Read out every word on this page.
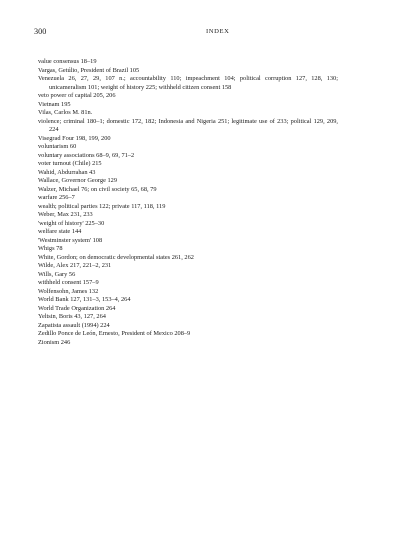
300	INDEX
value consensus 18–19
Vargas, Getúlio, President of Brazil 105
Venezuela 26, 27, 29, 107 n.; accountability 110; impeachment 104; political corruption 127, 128, 130; unicameralism 101; weight of history 225; withheld citizen consent 158
veto power of capital 205, 206
Vietnam 195
Vilas, Carlos M. 81n.
violence; criminal 180–1; domestic 172, 182; Indonesia and Nigeria 251; legitimate use of 233; political 129, 209, 224
Visegrad Four 198, 199, 200
voluntarism 60
voluntary associations 68–9, 69, 71–2
voter turnout (Chile) 215
Wahid, Abdurrahan 43
Wallace, Governor George 129
Walzer, Michael 76; on civil society 65, 68, 79
warfare 256–7
wealth; political parties 122; private 117, 118, 119
Weber, Max 231, 233
'weight of history' 225–30
welfare state 144
'Westminster system' 108
Whigs 78
White, Gordon; on democratic developmental states 261, 262
Wilde, Alex 217, 221–2, 231
Wills, Gary 56
withheld consent 157–9
Wolfensohn, James 132
World Bank 127, 131–3, 153–4, 264
World Trade Organization 264
Yeltsin, Boris 43, 127, 264
Zapatista assault (1994) 224
Zedillo Ponce de León, Ernesto, President of Mexico 208–9
Zionism 246
